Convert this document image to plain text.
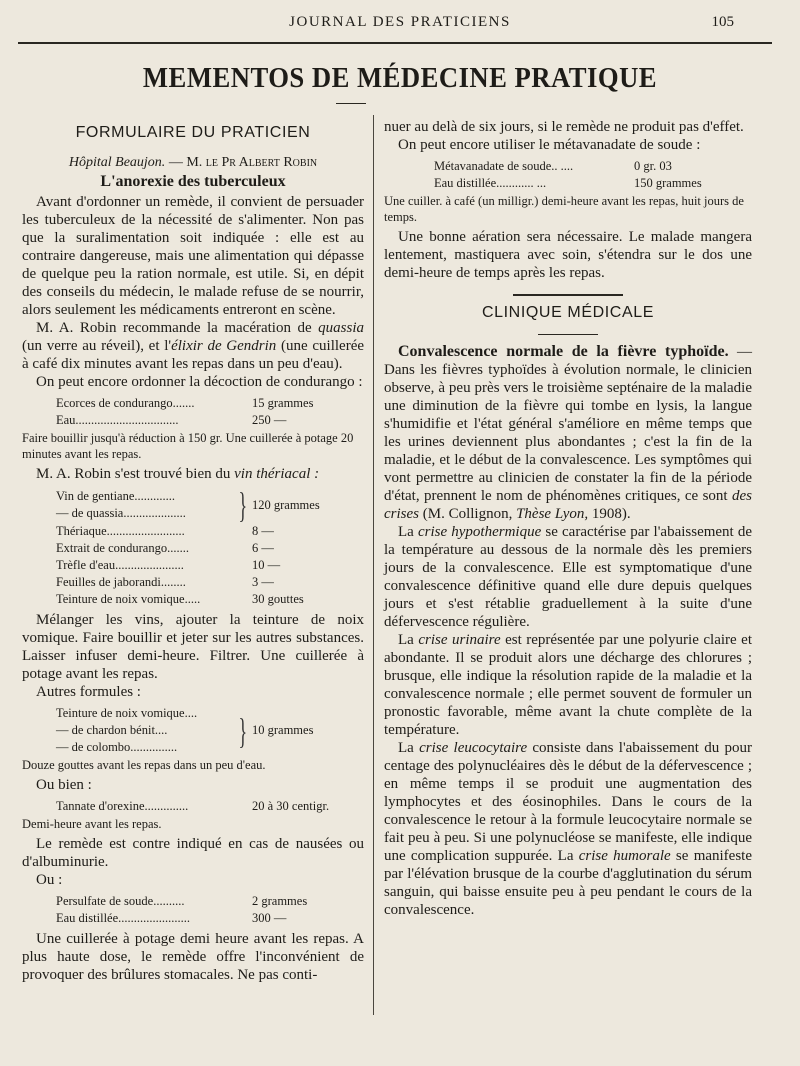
JOURNAL DES PRATICIENS	105
MEMENTOS DE MÉDECINE PRATIQUE
FORMULAIRE DU PRATICIEN
Hôpital Beaujon. — M. le Pr Albert Robin
L'anorexie des tuberculeux

Avant d'ordonner un remède, il convient de persuader les tuberculeux de la nécessité de s'alimenter. Non pas que la suralimentation soit indiquée : elle est au contraire dangereuse, mais une alimentation qui dépasse de quelque peu la ration normale, est utile. Si, en dépit des conseils du médecin, le malade refuse de se nourrir, alors seulement les médicaments entreront en scène.

M. A. Robin recommande la macération de quassia (un verre au réveil), et l'élixir de Gendrin (une cuillerée à café dix minutes avant les repas dans un peu d'eau).

On peut encore ordonner la décoction de condurango :

Ecorces de condurango.......	15 grammes
Eau.................................	250 —
Faire bouillir jusqu'à réduction à 150 gr. Une cuillerée à potage 20 minutes avant les repas.

M. A. Robin s'est trouvé bien du vin thériacal :

Vin de gentiane.............
— de quassia....................	} 120 grammes
Thériaque.........................	8 —
Extrait de condurango.......	6 —
Trèfle d'eau......................	10 —
Feuilles de jaborandi........	3 —
Teinture de noix vomique.....	30 gouttes

Mélanger les vins, ajouter la teinture de noix vomique. Faire bouillir et jeter sur les autres substances. Laisser infuser demi-heure. Filtrer. Une cuillerée à potage avant les repas.

Autres formules :

Teinture de noix vomique....
— de chardon bénit....
— de colombo...............	} 10 grammes
Douze gouttes avant les repas dans un peu d'eau.

Ou bien :

Tannate d'orexine..............	20 à 30 centigr.
Demi-heure avant les repas.

Le remède est contre indiqué en cas de nausées ou d'albuminurie.

Ou :

Persulfate de soude..........	2 grammes
Eau distillée.......................	300 —

Une cuillerée à potage demi heure avant les repas. A plus haute dose, le remède offre l'inconvénient de provoquer des brûlures stomacales. Ne pas conti-

nuer au delà de six jours, si le remède ne produit pas d'effet.

On peut encore utiliser le métavanadate de soude :

Métavanadate de soude.. ....	0 gr. 03
Eau distillée............ ...	150 grammes
Une cuiller. à café (un milligr.) demi-heure avant les repas, huit jours de temps.

Une bonne aération sera nécessaire. Le malade mangera lentement, mastiquera avec soin, s'étendra sur le dos une demi-heure de temps après les repas.

CLINIQUE MÉDICALE

Convalescence normale de la fièvre typhoïde. — Dans les fièvres typhoïdes à évolution normale, le clinicien observe, à peu près vers le troisième septénaire de la maladie une diminution de la fièvre qui tombe en lysis, la langue s'humidifie et l'état général s'améliore en même temps que les urines deviennent plus abondantes ; c'est la fin de la maladie, et le début de la convalescence. Les symptômes qui vont permettre au clinicien de constater la fin de la période d'état, prennent le nom de phénomènes critiques, ce sont des crises (M. Collignon, Thèse Lyon, 1908).

La crise hypothermique se caractérise par l'abaissement de la température au dessous de la normale dès les premiers jours de la convalescence. Elle est symptomatique d'une convalescence définitive quand elle dure depuis quelques jours et s'est rétablie graduellement à la suite d'une défervescence régulière.

La crise urinaire est représentée par une polyurie claire et abondante. Il se produit alors une décharge des chlorures ; brusque, elle indique la résolution rapide de la maladie et la convalescence normale ; elle permet souvent de formuler un pronostic favorable, même avant la chute complète de la température.

La crise leucocytaire consiste dans l'abaissement du pour centage des polynucléaires dès le début de la défervescence ; en même temps il se produit une augmentation des lymphocytes et des éosinophiles. Dans le cours de la convalescence le retour à la formule leucocytaire normale se fait peu à peu. Si une polynucléose se manifeste, elle indique une complication suppurée. La crise humorale se manifeste par l'élévation brusque de la courbe d'agglutination du sérum sanguin, qui baisse ensuite peu à peu pendant le cours de la convalescence.
